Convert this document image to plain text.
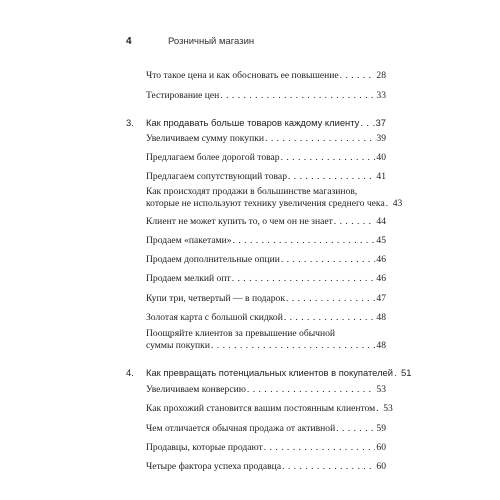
4	Розничный магазин
Что такое цена и как обосновать ее повышение . . .	28
Тестирование цен . . .	33
3.	Как продавать больше товаров каждому клиенту . . . 37
Увеличиваем сумму покупки . . .	39
Предлагаем более дорогой товар . . .	40
Предлагаем сопутствующий товар . . .	41
Как происходят продажи в большинстве магазинов,
которые не используют технику увеличения среднего чека . . . 43
Клиент не может купить то, о чем он не знает . . .	44
Продаем «пакетами» . . .	45
Продаем дополнительные опции . . .	46
Продаем мелкий опт . . .	46
Купи три, четвертый — в подарок . . .	47
Золотая карта с большой скидкой . . .	48
Поощряйте клиентов за превышение обычной
суммы покупки . . .	48
4.	Как превращать потенциальных клиентов в покупателей . . . 51
Увеличиваем конверсию . . .	53
Как прохожий становится вашим постоянным клиентом . . . 53
Чем отличается обычная продажа от активной . . .	59
Продавцы, которые продают . . .	60
Четыре фактора успеха продавца . . .	60
